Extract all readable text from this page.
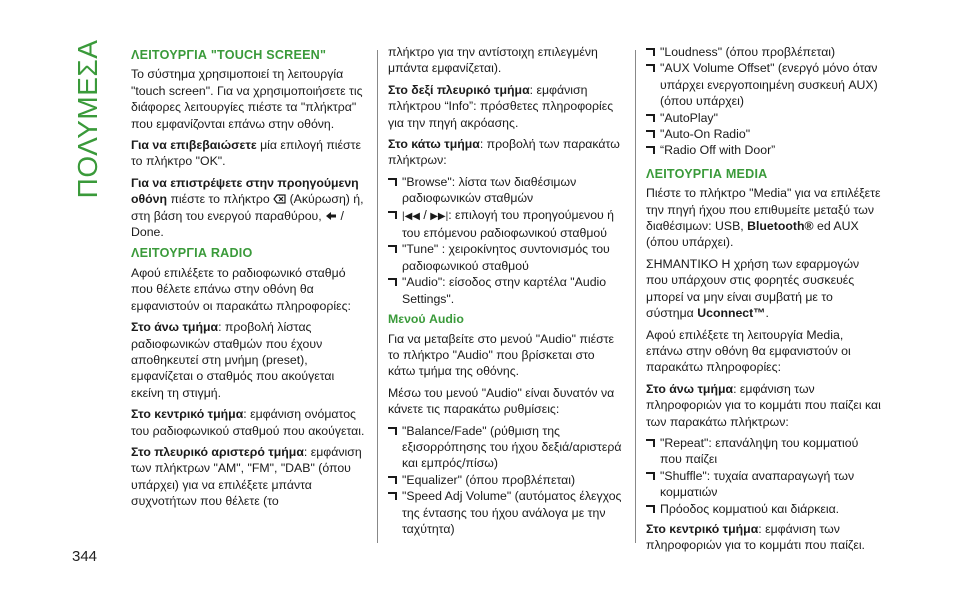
ΠΟΛΥΜΕΣΑ ΛΕΙΤΟΥΡΓΙΑ "TOUCH SCREEN"

Το σύστημα χρησιμοποιεί τη λειτουργία "touch screen". Για να χρησιμοποιήσετε τις διάφορες λειτουργίες πιέστε τα "πλήκτρα" που εμφανίζονται επάνω στην οθόνη.

Για να επιβεβαιώσετε μία επιλογή πιέστε το πλήκτρο "OK".

Για να επιστρέψετε στην προηγούμενη οθόνη πιέστε το πλήκτρο  (Ακύρωση) ή, στη βάση του ενεργού παραθύρου,  / Done.

ΛΕΙΤΟΥΡΓΙΑ RADIO

Αφού επιλέξετε το ραδιοφωνικό σταθμό που θέλετε επάνω στην οθόνη θα εμφανιστούν οι παρακάτω πληροφορίες:

Στο άνω τμήμα: προβολή λίστας ραδιοφωνικών σταθμών που έχουν αποθηκευτεί στη μνήμη (preset), εμφανίζεται ο σταθμός που ακούγεται εκείνη τη στιγμή.

Στο κεντρικό τμήμα: εμφάνιση ονόματος του ραδιοφωνικού σταθμού που ακούγεται.

Στο πλευρικό αριστερό τμήμα: εμφάνιση των πλήκτρων "AM", "FM", "DAB" (όπου υπάρχει) για να επιλέξετε μπάντα συχνοτήτων που θέλετε (το

πλήκτρο για την αντίστοιχη επιλεγμένη μπάντα εμφανίζεται).

Στο δεξί πλευρικό τμήμα: εμφάνιση πλήκτρου “Info”: πρόσθετες πληροφορίες για την πηγή ακρόασης.

Στο κάτω τμήμα: προβολή των παρακάτω πλήκτρων:

"Browse": λίστα των διαθέσιμων ραδιοφωνικών σταθμών
|◀◀ / ▶▶|: επιλογή του προηγούμενου ή του επόμενου ραδιοφωνικού σταθμού
"Tune" : χειροκίνητος συντονισμός του ραδιοφωνικού σταθμού
"Audio": είσοδος στην καρτέλα "Audio Settings".
Μενού Audio

Για να μεταβείτε στο μενού "Audio" πιέστε το πλήκτρο "Audio" που βρίσκεται στο κάτω τμήμα της οθόνης.

Μέσω του μενού "Audio" είναι δυνατόν να κάνετε τις παρακάτω ρυθμίσεις:

"Balance/Fade" (ρύθμιση της εξισορρόπησης του ήχου δεξιά/αριστερά και εμπρός/πίσω)
"Equalizer" (όπου προβλέπεται)
"Speed Adj Volume" (αυτόματος έλεγχος της έντασης του ήχου ανάλογα με την ταχύτητα)
"Loudness" (όπου προβλέπεται)
"AUX Volume Offset" (ενεργό μόνο όταν υπάρχει ενεργοποιημένη συσκευή AUX) (όπου υπάρχει)
"AutoPlay"
"Auto-On Radio"
“Radio Off with Door”
ΛΕΙΤΟΥΡΓΙΑ MEDIA

Πιέστε το πλήκτρο "Media" για να επιλέξετε την πηγή ήχου που επιθυμείτε μεταξύ των διαθέσιμων: USB, Bluetooth® ed AUX (όπου υπάρχει).

ΣΗΜΑΝΤΙΚΟ Η χρήση των εφαρμογών που υπάρχουν στις φορητές συσκευές μπορεί να μην είναι συμβατή με το σύστημα Uconnect™.

Αφού επιλέξετε τη λειτουργία Media, επάνω στην οθόνη θα εμφανιστούν οι παρακάτω πληροφορίες:

Στο άνω τμήμα: εμφάνιση των πληροφοριών για το κομμάτι που παίζει και των παρακάτω πλήκτρων:

"Repeat": επανάληψη του κομματιού που παίζει
"Shuffle": τυχαία αναπαραγωγή των κομματιών
Πρόοδος κομματιού και διάρκεια.

Στο κεντρικό τμήμα: εμφάνιση των πληροφοριών για το κομμάτι που παίζει.

344
